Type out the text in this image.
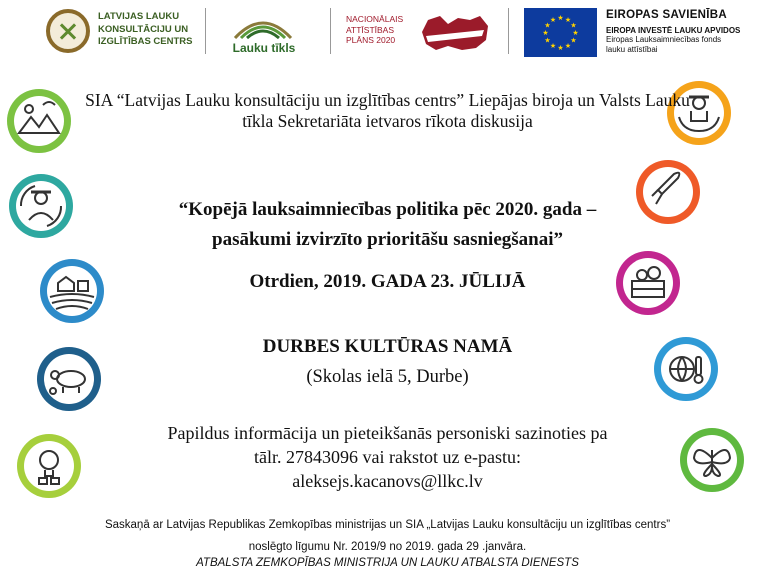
LATVIJAS LAUKU
KONSULTĀCIJU UN
IZGLĪTĪBAS CENTRS	Lauku tīkls
NACIONĀLAIS
ATTĪSTĪBAS
PLĀNS 2020
★ ★
★
★
★
★
★
★
★
★
★
★	EIROPAS SAVIENĪBA
EIROPA INVESTĒ LAUKU APVIDOS
Eiropas Lauksaimniecības fonds
lauku attīstībai
SIA “Latvijas Lauku konsultāciju un izglītības centrs” Liepājas biroja un Valsts Lauku tīkla Sekretariāta ietvaros rīkota diskusija
“Kopējā lauksaimniecības politika pēc 2020. gada –
pasākumi izvirzīto prioritāšu sasniegšanai”
Otrdien, 2019. GADA 23. JŪLIJĀ
DURBES KULTŪRAS NAMĀ
(Skolas ielā 5, Durbe)
Papildus informācija un pieteikšanās personiski sazinoties pa
tālr. 27843096 vai rakstot uz e-pastu:
aleksejs.kacanovs@llkc.lv
Saskaņā ar Latvijas Republikas Zemkopības ministrijas un SIA „Latvijas Lauku konsultāciju un izglītības centrs”
noslēgto līgumu Nr. 2019/9 no 2019. gada 29 .janvāra.
ATBALSTA ZEMKOPĪBAS MINISTRIJA UN LAUKU ATBALSTA DIENESTS
